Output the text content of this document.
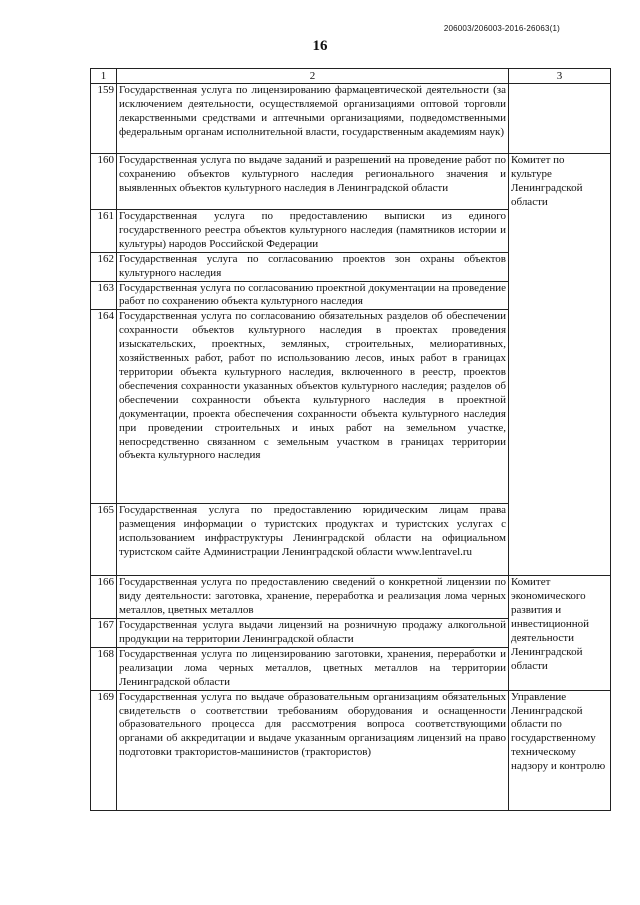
206003/206003-2016-26063(1)
16
1	2	3
159	Государственная услуга по лицензированию фармацевтической деятельности (за исключением деятельности, осуществляемой организациями оптовой торговли лекарственными средствами и аптечными организациями, подведомственными федеральным органам исполнительной власти, государственным академиям наук)	
160	Государственная услуга по выдаче заданий и разрешений на проведение работ по сохранению объектов культурного наследия регионального значения и выявленных объектов культурного наследия в Ленинградской области	Комитет по культуре Ленинградской области
161	Государственная услуга по предоставлению выписки из единого государственного реестра объектов культурного наследия (памятников истории и культуры) народов Российской Федерации	
162	Государственная услуга по согласованию проектов зон охраны объектов культурного наследия	
163	Государственная услуга по согласованию проектной документации на проведение работ по сохранению объекта культурного наследия	
164	Государственная услуга по согласованию обязательных разделов об обеспечении сохранности объектов культурного наследия в проектах проведения изыскательских, проектных, земляных, строительных, мелиоративных, хозяйственных работ, работ по использованию лесов, иных работ в границах территории объекта культурного наследия, включенного в реестр, проектов обеспечения сохранности указанных объектов культурного наследия; разделов об обеспечении сохранности объекта культурного наследия в проектной документации, проекта обеспечения сохранности объекта культурного наследия при проведении строительных и иных работ на земельном участке, непосредственно связанном с земельным участком в границах территории объекта культурного наследия	
165	Государственная услуга по предоставлению юридическим лицам права размещения информации о туристских продуктах и туристских услугах с использованием инфраструктуры Ленинградской области на официальном туристском сайте Администрации Ленинградской области www.lentravel.ru	
166	Государственная услуга по предоставлению сведений о конкретной лицензии по виду деятельности: заготовка, хранение, переработка и реализация лома черных металлов, цветных металлов	Комитет экономического развития и инвестиционной деятельности Ленинградской области
167	Государственная услуга выдачи лицензий на розничную продажу алкогольной продукции на территории Ленинградской области	
168	Государственная услуга по лицензированию заготовки, хранения, переработки и реализации лома черных металлов, цветных металлов на территории Ленинградской области	
169	Государственная услуга по выдаче образовательным организациям обязательных свидетельств о соответствии требованиям оборудования и оснащенности образовательного процесса для рассмотрения вопроса соответствующими органами об аккредитации и выдаче указанным организациям лицензий на право подготовки трактористов-машинистов (трактористов)	Управление Ленинградской области по государственному техническому надзору и контролю
